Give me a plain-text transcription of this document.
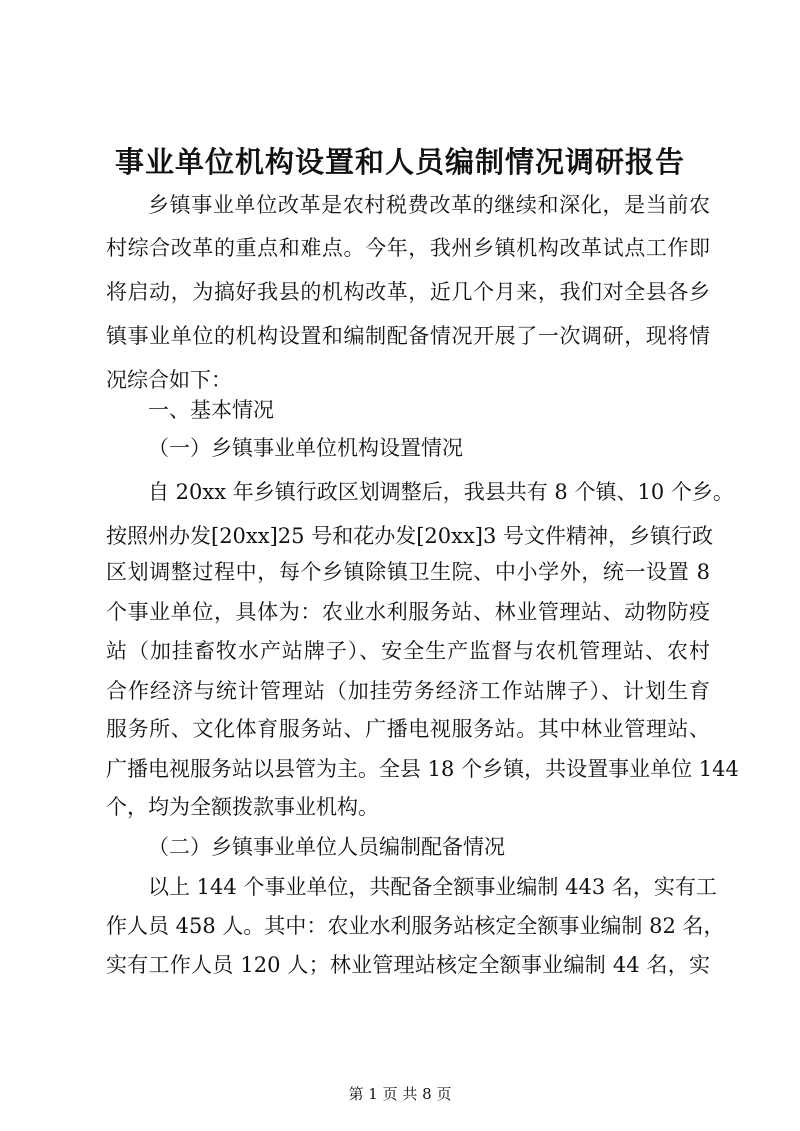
事业单位机构设置和人员编制情况调研报告
乡镇事业单位改革是农村税费改革的继续和深化，是当前农
村综合改革的重点和难点。今年，我州乡镇机构改革试点工作即
将启动，为搞好我县的机构改革，近几个月来，我们对全县各乡
镇事业单位的机构设置和编制配备情况开展了一次调研，现将情
况综合如下：
一、基本情况
（一）乡镇事业单位机构设置情况
自 20xx 年乡镇行政区划调整后，我县共有 8 个镇、10 个乡。
按照州办发[20xx]25 号和花办发[20xx]3 号文件精神，乡镇行政
区划调整过程中，每个乡镇除镇卫生院、中小学外，统一设置 8
个事业单位，具体为：农业水利服务站、林业管理站、动物防疫
站（加挂畜牧水产站牌子）、安全生产监督与农机管理站、农村
合作经济与统计管理站（加挂劳务经济工作站牌子）、计划生育
服务所、文化体育服务站、广播电视服务站。其中林业管理站、
广播电视服务站以县管为主。全县 18 个乡镇，共设置事业单位 144
个，均为全额拨款事业机构。
（二）乡镇事业单位人员编制配备情况
以上 144 个事业单位，共配备全额事业编制 443 名，实有工
作人员 458 人。其中：农业水利服务站核定全额事业编制 82 名，
实有工作人员 120 人；林业管理站核定全额事业编制 44 名，实
第 1 页 共 8 页
